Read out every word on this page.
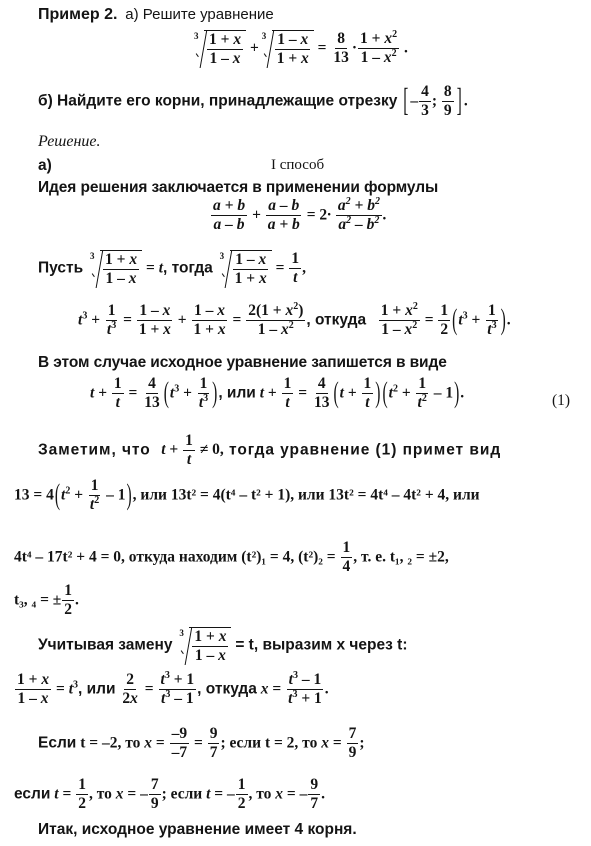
Пример 2. а) Решите уравнение
$3 \frac{1 + x}{1 - x}$ +
$3 \frac{1 - x}{1 + x} = \frac{8}{13} \cdot \frac{1 + x^2}{1 - x^2}$ .
б) Найдите его корни, принадлежащие отрезку [ – $\frac{4}{3}$ ; $\frac{8}{9}$ ] .
Решение.
а)	I способ
Идея решения заключается в применении формулы
$\frac{a + b}{a - b} + \frac{a - b}{a + b} = 2\cdot \frac{a^2 + b^2}{a^2 - b^2}$ .
Пусть
$3 \frac{1 + x}{1 - x} = t$, тогда
$3 \frac{1 - x}{1 + x} = \frac{1}{t}$ ,
$t^3 + \frac{1}{t^3} = \frac{1 - x}{1 + x} + \frac{1 - x}{1 + x} = \frac{2(1 + x^2)}{1 - x^2}$ , откуда $\frac{1 + x^2}{1 - x^2} = \frac{1}{2} (t^3 + \frac{1}{t^3}$ ).
В этом случае исходное уравнение запишется в виде
$t + \frac{1}{t} = \frac{4}{13} (t^3 + \frac{1}{t^3}$ ), или $t + \frac{1}{t} = \frac{4}{13} (t + \frac{1}{t}$ ) $(t^2 + \frac{1}{t^2} - 1)$.	(1)
Заметим, что $t + \frac{1}{t} \ne 0$, тогда уравнение (1) примет вид
$13 = 4(t^2 + \frac{1}{t^2} - 1)$, или 13t² = 4(t⁴ – t² + 1), или 13t² = 4t⁴ – 4t² + 4, или
4t⁴ – 17t² + 4 = 0, откуда находим (t²)₁ = 4, $(t^2)_2 = \frac{1}{4}$ , т. е. t₁, ₂ = ±2,
t₃, ₄ = ± $\frac{1}{2}$ .
Учитывая замену
$3 \frac{1 + x}{1 - x} = t$, выразим x через t:
$\frac{1 + x}{1 - x} = t^3$, или $\frac{2}{2x} = \frac{t^3 + 1}{t^3 - 1}$ , откуда $x = \frac{t^3 - 1}{t^3 + 1}$ .
Если t = –2, то $x = \frac{-9}{-7} = \frac{9}{7}$ ; если t = 2, то $x = \frac{7}{9}$ ;
если $t = \frac{1}{2}$ , то x = – $\frac{7}{9}$ ; если t = – $\frac{1}{2}$ , то x = – $\frac{9}{7}$ .
Итак, исходное уравнение имеет 4 корня.
